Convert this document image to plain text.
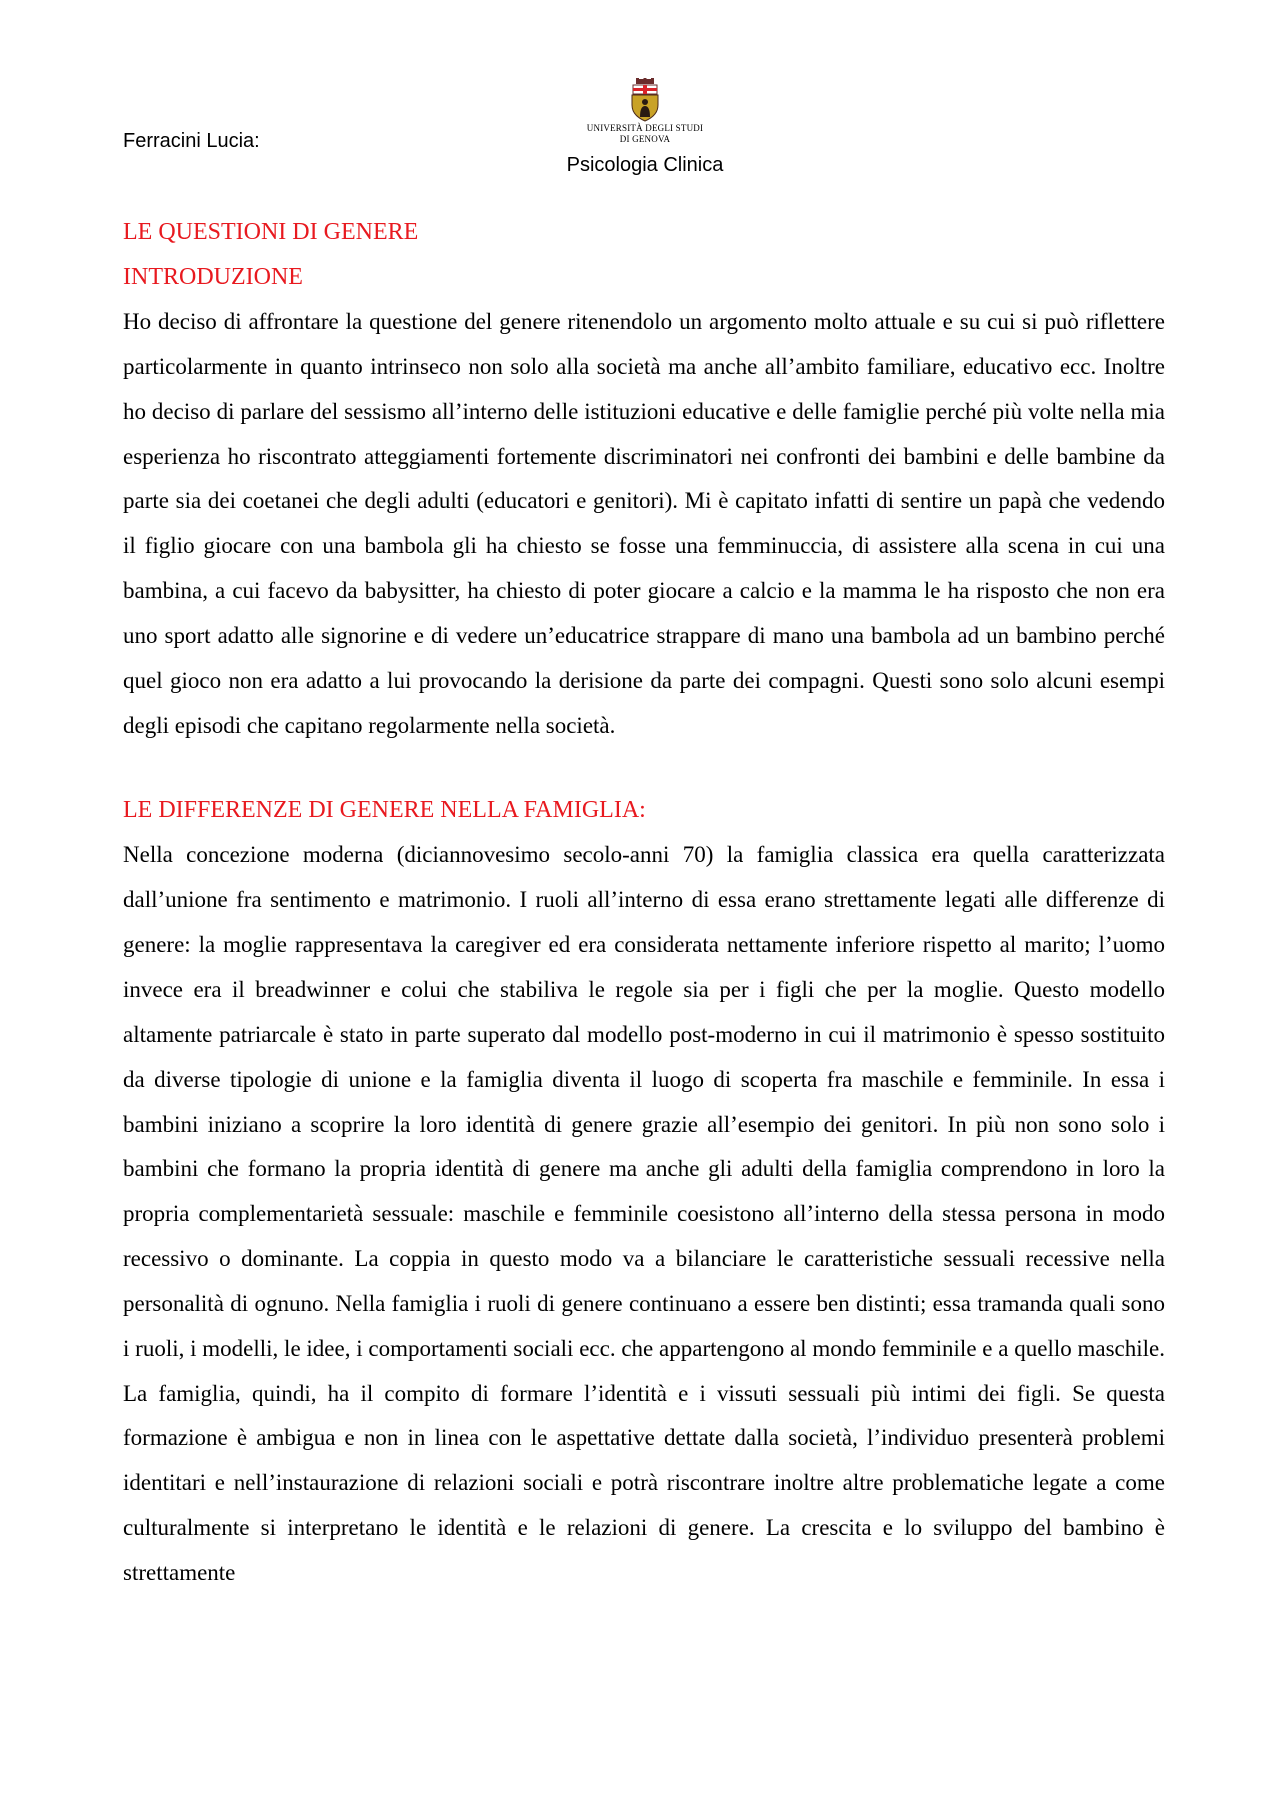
Ferracini Lucia:
UNIVERSITÀ DEGLI STUDI
DI GENOVA
Psicologia Clinica
LE QUESTIONI DI GENERE
INTRODUZIONE

Ho deciso di affrontare la questione del genere ritenendolo un argomento molto attuale e su cui si può riflettere particolarmente in quanto intrinseco non solo alla società ma anche all’ambito familiare, educativo ecc. Inoltre ho deciso di parlare del sessismo all’interno delle istituzioni educative e delle famiglie perché più volte nella mia esperienza ho riscontrato atteggiamenti fortemente discriminatori nei confronti dei bambini e delle bambine da parte sia dei coetanei che degli adulti (educatori e genitori). Mi è capitato infatti di sentire un papà che vedendo il figlio giocare con una bambola gli ha chiesto se fosse una femminuccia, di assistere alla scena in cui una bambina, a cui facevo da babysitter, ha chiesto di poter giocare a calcio e la mamma le ha risposto che non era uno sport adatto alle signorine e di vedere un’educatrice strappare di mano una bambola ad un bambino perché quel gioco non era adatto a lui provocando la derisione da parte dei compagni. Questi sono solo alcuni esempi degli episodi che capitano regolarmente nella società.

LE DIFFERENZE DI GENERE NELLA FAMIGLIA:

Nella concezione moderna (diciannovesimo secolo-anni 70) la famiglia classica era quella caratterizzata dall’unione fra sentimento e matrimonio. I ruoli all’interno di essa erano strettamente legati alle differenze di genere: la moglie rappresentava la caregiver ed era considerata nettamente inferiore rispetto al marito; l’uomo invece era il breadwinner e colui che stabiliva le regole sia per i figli che per la moglie. Questo modello altamente patriarcale è stato in parte superato dal modello post-moderno in cui il matrimonio è spesso sostituito da diverse tipologie di unione e la famiglia diventa il luogo di scoperta fra maschile e femminile. In essa i bambini iniziano a scoprire la loro identità di genere grazie all’esempio dei genitori. In più non sono solo i bambini che formano la propria identità di genere ma anche gli adulti della famiglia comprendono in loro la propria complementarietà sessuale: maschile e femminile coesistono all’interno della stessa persona in modo recessivo o dominante. La coppia in questo modo va a bilanciare le caratteristiche sessuali recessive nella personalità di ognuno. Nella famiglia i ruoli di genere continuano a essere ben distinti; essa tramanda quali sono i ruoli, i modelli, le idee, i comportamenti sociali ecc. che appartengono al mondo femminile e a quello maschile. La famiglia, quindi, ha il compito di formare l’identità e i vissuti sessuali più intimi dei figli. Se questa formazione è ambigua e non in linea con le aspettative dettate dalla società, l’individuo presenterà problemi identitari e nell’instaurazione di relazioni sociali e potrà riscontrare inoltre altre problematiche legate a come culturalmente si interpretano le identità e le relazioni di genere. La crescita e lo sviluppo del bambino è strettamente
